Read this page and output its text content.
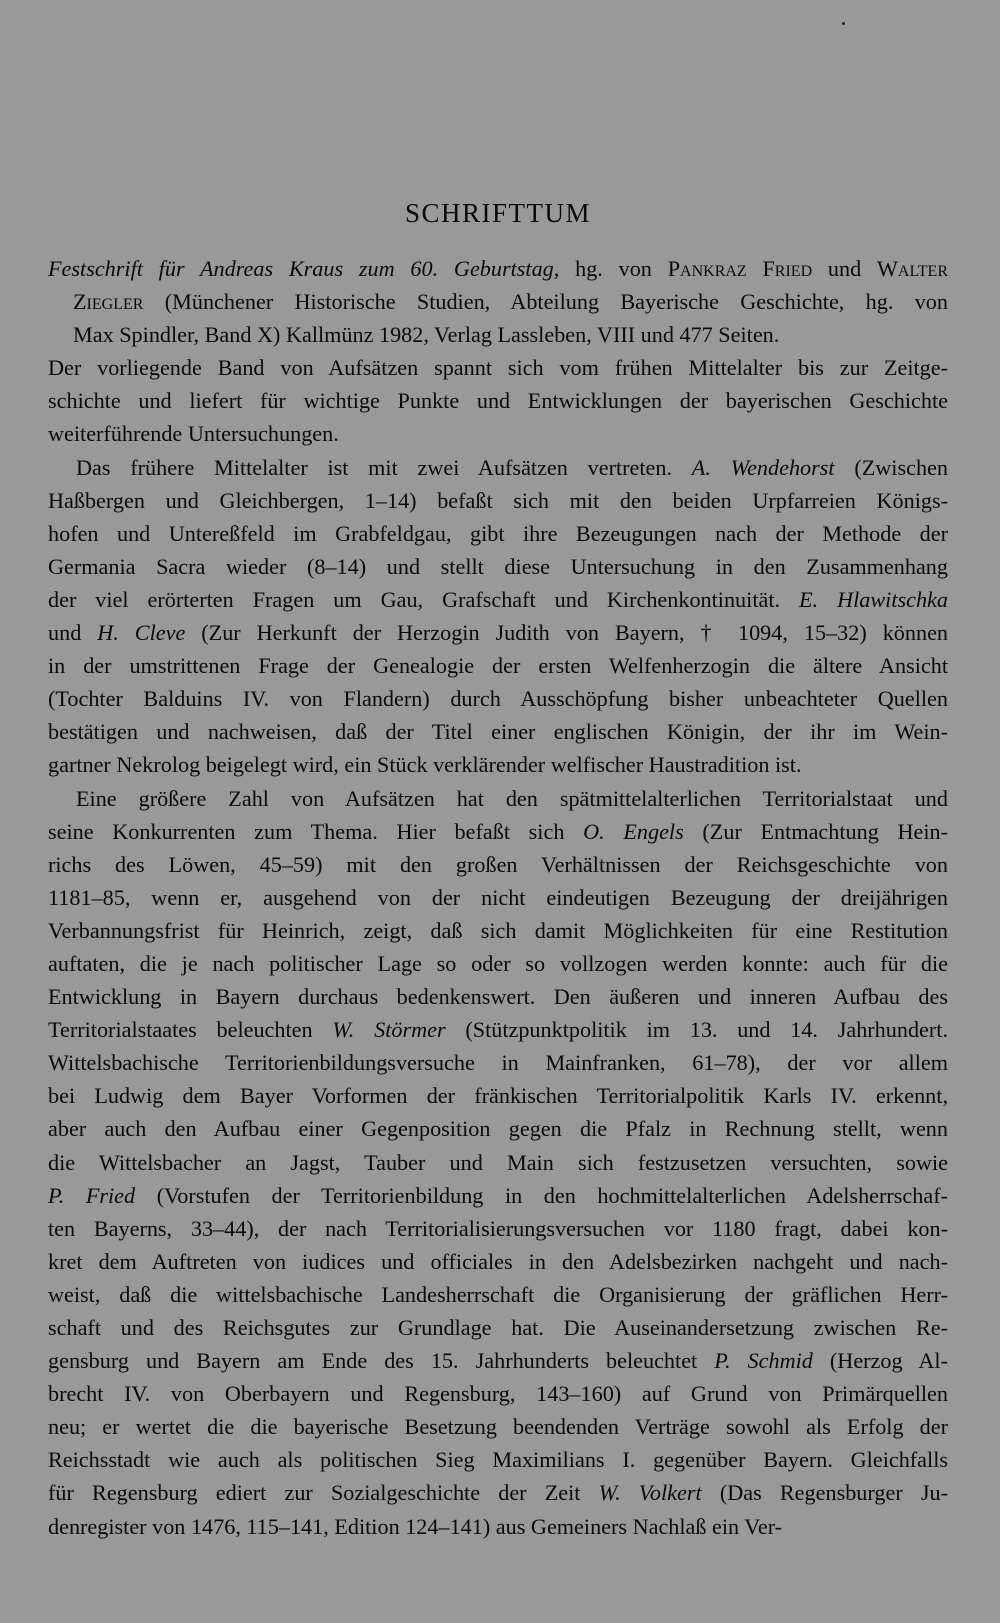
SCHRIFTTUM
Festschrift für Andreas Kraus zum 60. Geburtstag, hg. von Pankraz Fried und Walter
Ziegler (Münchener Historische Studien, Abteilung Bayerische Geschichte, hg. von
Max Spindler, Band X) Kallmünz 1982, Verlag Lassleben, VIII und 477 Seiten.
Der vorliegende Band von Aufsätzen spannt sich vom frühen Mittelalter bis zur Zeitge-
schichte und liefert für wichtige Punkte und Entwicklungen der bayerischen Geschichte
weiterführende Untersuchungen.
Das frühere Mittelalter ist mit zwei Aufsätzen vertreten. A. Wendehorst (Zwischen
Haßbergen und Gleichbergen, 1–14) befaßt sich mit den beiden Urpfarreien Königs-
hofen und Untereßfeld im Grabfeldgau, gibt ihre Bezeugungen nach der Methode der
Germania Sacra wieder (8–14) und stellt diese Untersuchung in den Zusammenhang
der viel erörterten Fragen um Gau, Grafschaft und Kirchenkontinuität. E. Hlawitschka
und H. Cleve (Zur Herkunft der Herzogin Judith von Bayern, † 1094, 15–32) können
in der umstrittenen Frage der Genealogie der ersten Welfenherzogin die ältere Ansicht
(Tochter Balduins IV. von Flandern) durch Ausschöpfung bisher unbeachteter Quellen
bestätigen und nachweisen, daß der Titel einer englischen Königin, der ihr im Wein-
gartner Nekrolog beigelegt wird, ein Stück verklärender welfischer Haustradition ist.
Eine größere Zahl von Aufsätzen hat den spätmittelalterlichen Territorialstaat und
seine Konkurrenten zum Thema. Hier befaßt sich O. Engels (Zur Entmachtung Hein-
richs des Löwen, 45–59) mit den großen Verhältnissen der Reichsgeschichte von
1181–85, wenn er, ausgehend von der nicht eindeutigen Bezeugung der dreijährigen
Verbannungsfrist für Heinrich, zeigt, daß sich damit Möglichkeiten für eine Restitution
auftaten, die je nach politischer Lage so oder so vollzogen werden konnte: auch für die
Entwicklung in Bayern durchaus bedenkenswert. Den äußeren und inneren Aufbau des
Territorialstaates beleuchten W. Störmer (Stützpunktpolitik im 13. und 14. Jahrhundert.
Wittelsbachische Territorienbildungsversuche in Mainfranken, 61–78), der vor allem
bei Ludwig dem Bayer Vorformen der fränkischen Territorialpolitik Karls IV. erkennt,
aber auch den Aufbau einer Gegenposition gegen die Pfalz in Rechnung stellt, wenn
die Wittelsbacher an Jagst, Tauber und Main sich festzusetzen versuchten, sowie
P. Fried (Vorstufen der Territorienbildung in den hochmittelalterlichen Adelsherrschaf-
ten Bayerns, 33–44), der nach Territorialisierungsversuchen vor 1180 fragt, dabei kon-
kret dem Auftreten von iudices und officiales in den Adelsbezirken nachgeht und nach-
weist, daß die wittelsbachische Landesherrschaft die Organisierung der gräflichen Herr-
schaft und des Reichsgutes zur Grundlage hat. Die Auseinandersetzung zwischen Re-
gensburg und Bayern am Ende des 15. Jahrhunderts beleuchtet P. Schmid (Herzog Al-
brecht IV. von Oberbayern und Regensburg, 143–160) auf Grund von Primärquellen
neu; er wertet die die bayerische Besetzung beendenden Verträge sowohl als Erfolg der
Reichsstadt wie auch als politischen Sieg Maximilians I. gegenüber Bayern. Gleichfalls
für Regensburg ediert zur Sozialgeschichte der Zeit W. Volkert (Das Regensburger Ju-
denregister von 1476, 115–141, Edition 124–141) aus Gemeiners Nachlaß ein Ver-
